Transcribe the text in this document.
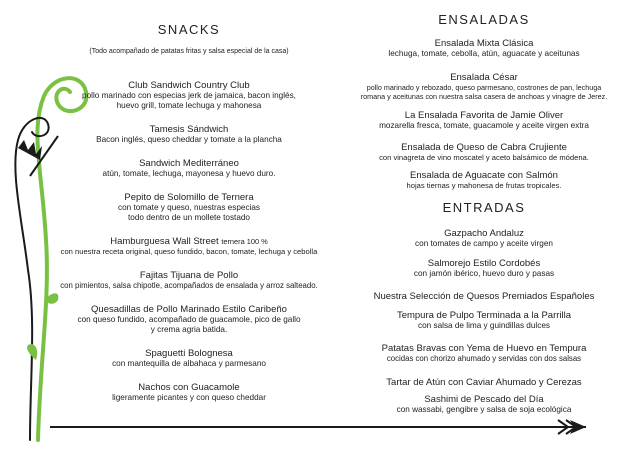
SNACKS
(Todo acompañado de patatas fritas y salsa especial de la casa)
Club Sandwich Country Club
pollo marinado con especias jerk de jamaica, bacon inglés,
huevo grill, tomate lechuga y mahonesa
Tamesis Sándwich
Bacon inglés, queso cheddar y tomate a la plancha
Sandwich Mediterráneo
atún, tomate, lechuga, mayonesa y huevo duro.
Pepito de Solomillo de Ternera
con tomate y queso, nuestras especias
todo dentro de un mollete tostado
Hamburguesa Wall Street ternera 100 %
con nuestra receta original, queso fundido, bacon, tomate, lechuga y cebolla
Fajitas Tijuana de Pollo
con pimientos, salsa chipotle, acompañados de ensalada y arroz salteado.
Quesadillas de Pollo Marinado Estilo Caribeño
con queso fundido, acompañado de guacamole, pico de gallo
y crema agria batida.
Spaguetti Bolognesa
con mantequilla de albahaca y parmesano
Nachos con Guacamole
ligeramente picantes y con queso cheddar
ENSALADAS
Ensalada Mixta Clásica
lechuga, tomate, cebolla, atún, aguacate y aceitunas
Ensalada César
pollo marinado y rebozado, queso parmesano, costrones de pan, lechuga
romana y aceitunas con nuestra salsa casera de anchoas y vinagre de Jerez.
La Ensalada Favorita de Jamie Oliver
mozarella fresca, tomate, guacamole y aceite virgen extra
Ensalada de Queso de Cabra Crujiente
con vinagreta de vino moscatel y aceto balsámico de módena.
Ensalada de Aguacate con Salmón
hojas tiernas y mahonesa de frutas tropicales.
ENTRADAS
Gazpacho Andaluz
con tomates de campo y aceite virgen
Salmorejo Estilo Cordobés
con jamón ibérico, huevo duro y pasas
Nuestra Selección de Quesos Premiados Españoles
Tempura de Pulpo Terminada a la Parrilla
con salsa de lima y guindillas dulces
Patatas Bravas con Yema de Huevo en Tempura
cocidas con chorizo ahumado y servidas con dos salsas
Tartar de Atún con Caviar Ahumado y Cerezas
Sashimi de Pescado del Día
con wassabi, gengibre y salsa de soja ecológica
